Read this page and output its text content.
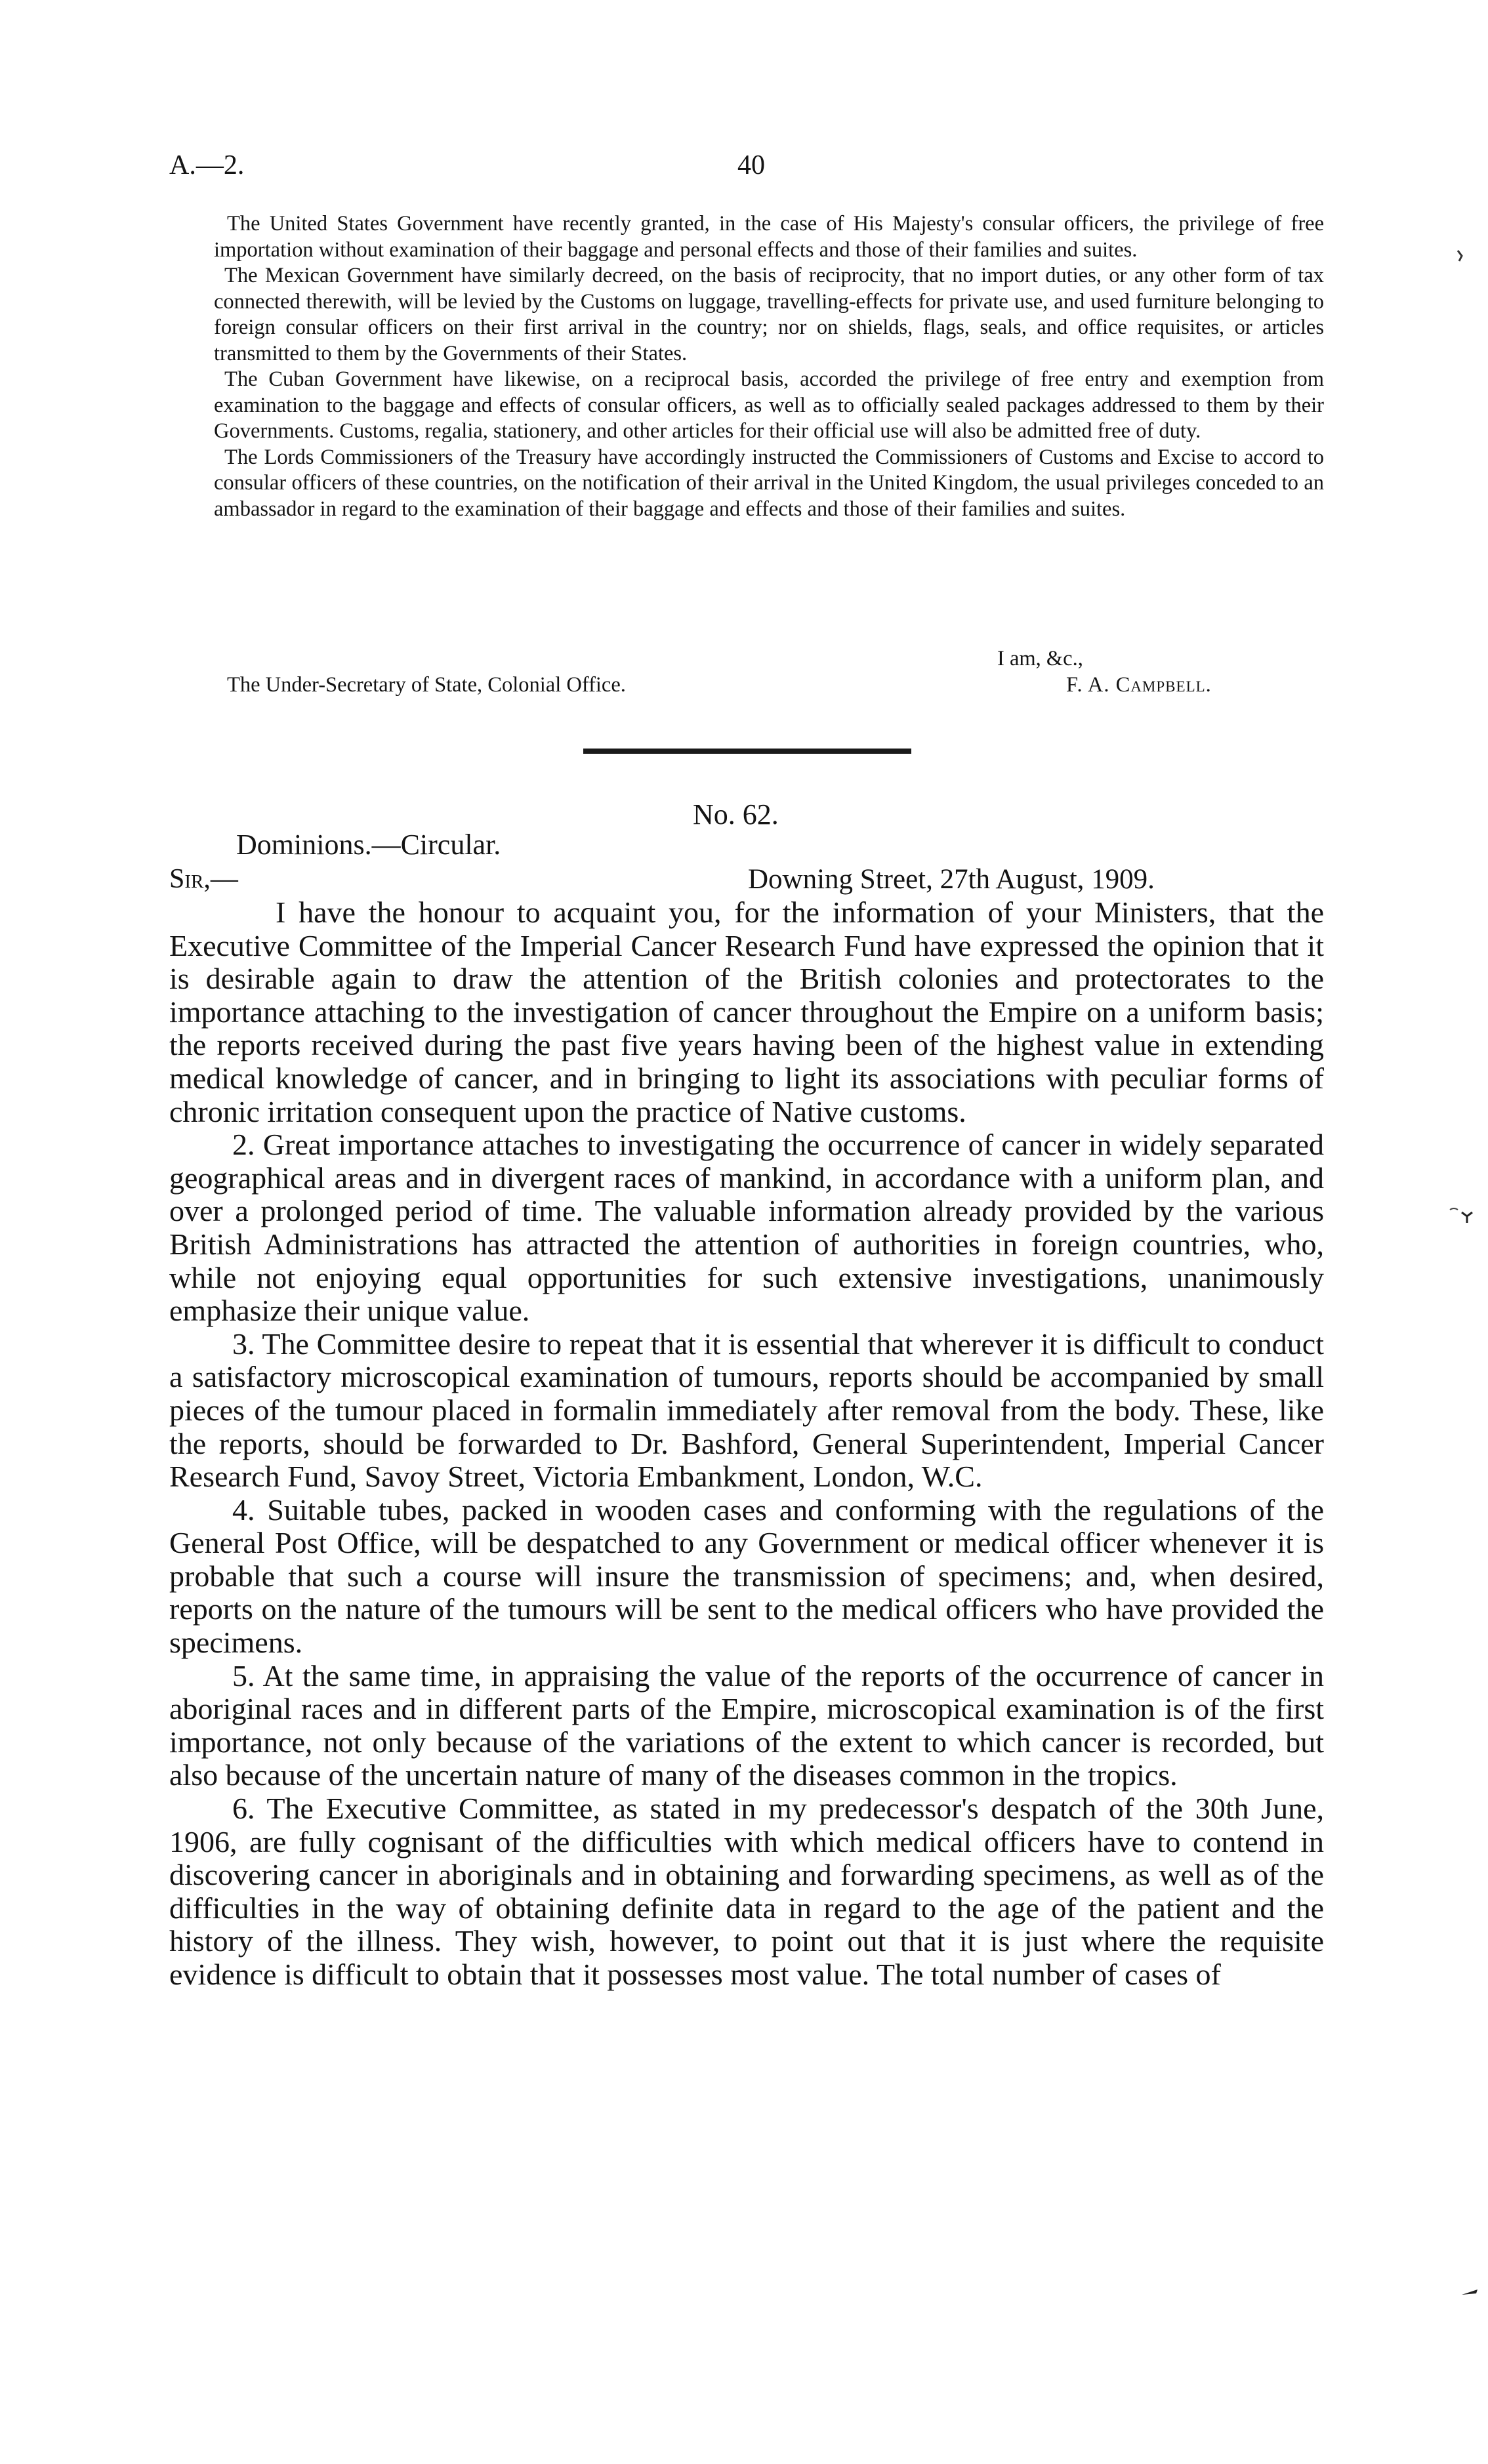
A.—2.	40

The United States Government have recently granted, in the case of His Majesty's consular officers, the privilege of free importation without examination of their baggage and personal effects and those of their families and suites.

The Mexican Government have similarly decreed, on the basis of reciprocity, that no import duties, or any other form of tax connected therewith, will be levied by the Customs on luggage, travelling-effects for private use, and used furniture belonging to foreign consular officers on their first arrival in the country; nor on shields, flags, seals, and office requisites, or articles transmitted to them by the Governments of their States.

The Cuban Government have likewise, on a reciprocal basis, accorded the privilege of free entry and exemption from examination to the baggage and effects of consular officers, as well as to officially sealed packages addressed to them by their Governments. Customs, regalia, stationery, and other articles for their official use will also be admitted free of duty.

The Lords Commissioners of the Treasury have accordingly instructed the Commissioners of Customs and Excise to accord to consular officers of these countries, on the notification of their arrival in the United Kingdom, the usual privileges conceded to an ambassador in regard to the examination of their baggage and effects and those of their families and suites.

I am, &c.,
The Under-Secretary of State, Colonial Office.	F. A. Campbell.
No. 62.
Dominions.—Circular.
Sir,—	Downing Street, 27th August, 1909.

I have the honour to acquaint you, for the information of your Ministers, that the Executive Committee of the Imperial Cancer Research Fund have expressed the opinion that it is desirable again to draw the attention of the British colonies and protectorates to the importance attaching to the investigation of cancer throughout the Empire on a uniform basis; the reports received during the past five years having been of the highest value in extending medical knowledge of cancer, and in bringing to light its associations with peculiar forms of chronic irritation consequent upon the practice of Native customs.

2. Great importance attaches to investigating the occurrence of cancer in widely separated geographical areas and in divergent races of mankind, in accordance with a uniform plan, and over a prolonged period of time. The valuable information already provided by the various British Administrations has attracted the attention of authorities in foreign countries, who, while not enjoying equal opportunities for such extensive investigations, unanimously emphasize their unique value.

3. The Committee desire to repeat that it is essential that wherever it is difficult to conduct a satisfactory microscopical examination of tumours, reports should be accompanied by small pieces of the tumour placed in formalin immediately after removal from the body. These, like the reports, should be forwarded to Dr. Bashford, General Superintendent, Imperial Cancer Research Fund, Savoy Street, Victoria Embankment, London, W.C.

4. Suitable tubes, packed in wooden cases and conforming with the regulations of the General Post Office, will be despatched to any Government or medical officer whenever it is probable that such a course will insure the transmission of specimens; and, when desired, reports on the nature of the tumours will be sent to the medical officers who have provided the specimens.

5. At the same time, in appraising the value of the reports of the occurrence of cancer in aboriginal races and in different parts of the Empire, microscopical examination is of the first importance, not only because of the variations of the extent to which cancer is recorded, but also because of the uncertain nature of many of the diseases common in the tropics.

6. The Executive Committee, as stated in my predecessor's despatch of the 30th June, 1906, are fully cognisant of the difficulties with which medical officers have to contend in discovering cancer in aboriginals and in obtaining and forwarding specimens, as well as of the difficulties in the way of obtaining definite data in regard to the age of the patient and the history of the illness. They wish, however, to point out that it is just where the requisite evidence is difficult to obtain that it possesses most value. The total number of cases of
